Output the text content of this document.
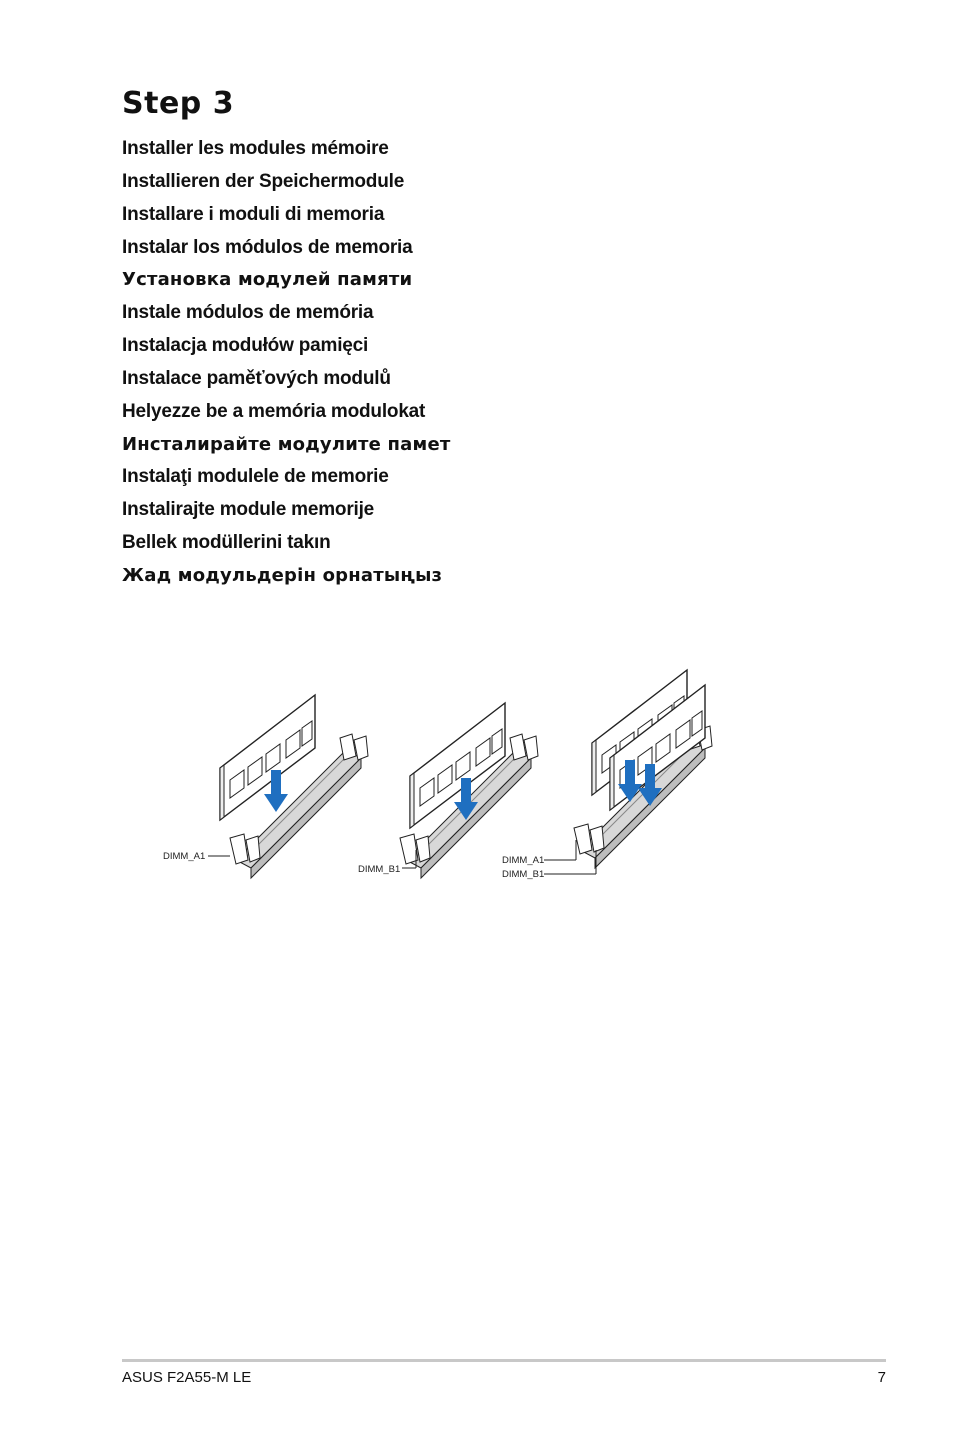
Step 3
Installer les modules mémoire
Installieren der Speichermodule
Installare i moduli di memoria
Instalar los módulos de memoria
Установка модулей памяти
Instale módulos de memória
Instalacja modułów pamięci
Instalace paměťových modulů
Helyezze be a memória modulokat
Инсталирайте модулите памет
Instalaţi modulele de memorie
Instalirajte module memorije
Bellek modüllerini takın
Жад модульдерін орнатыңыз
DIMM_A1
DIMM_B1
DIMM_A1
DIMM_B1
ASUS F2A55-M LE	7
